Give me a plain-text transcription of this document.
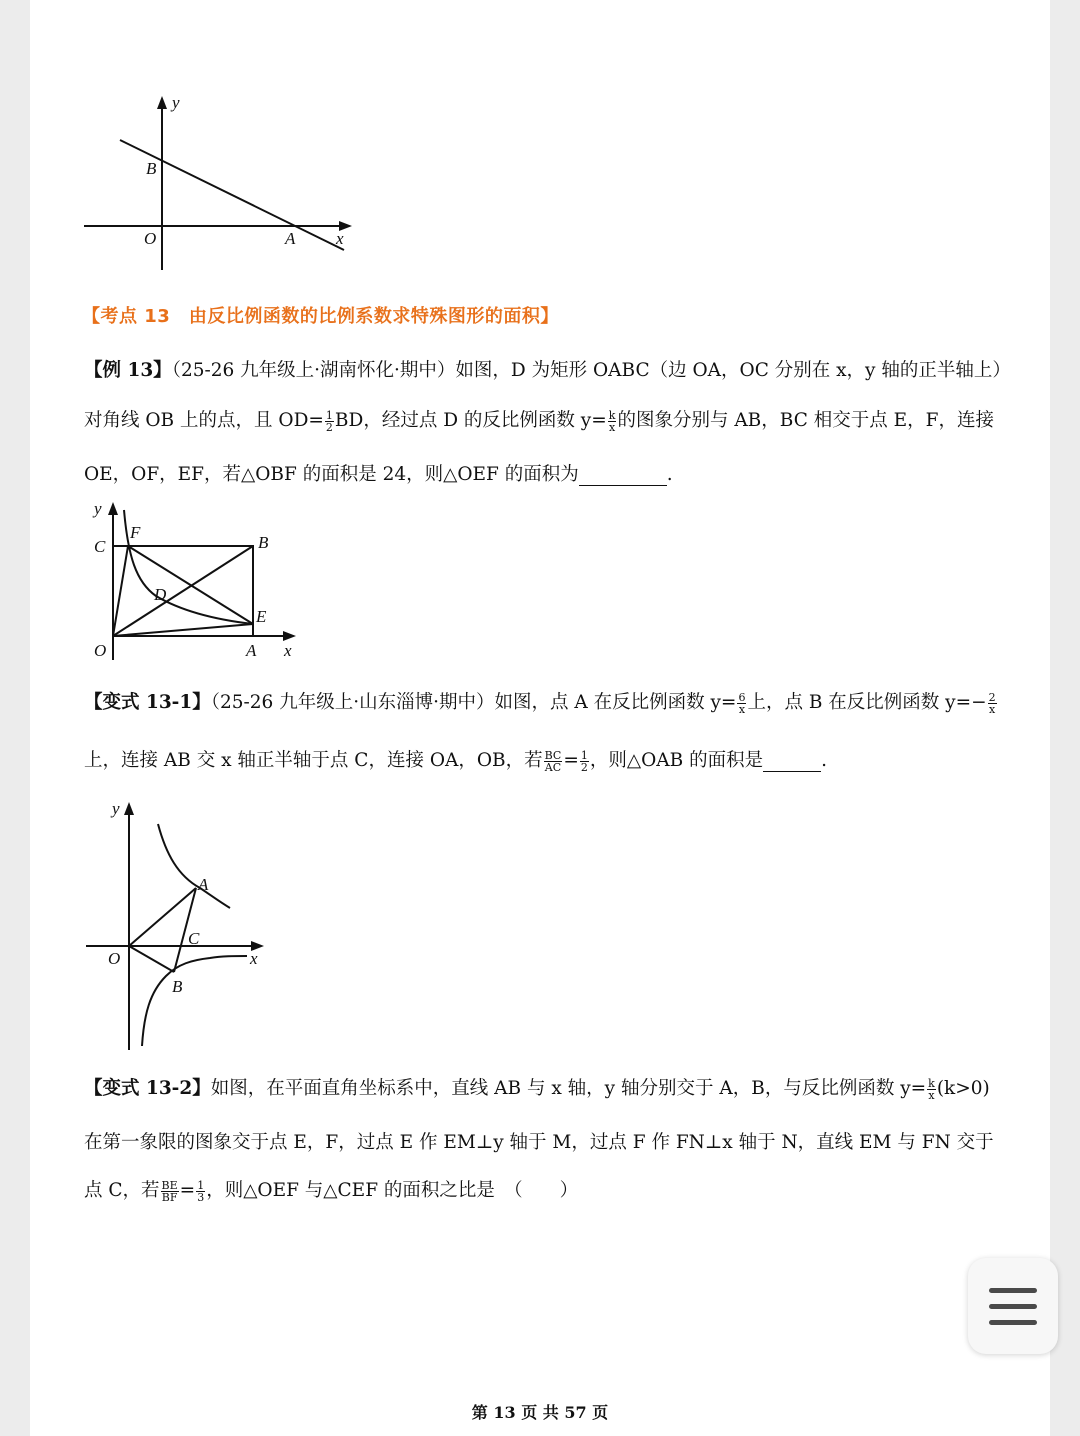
y
x
B
O	A
【考点 13　由反比例函数的比例系数求特殊图形的面积】
【例 13】（25-26 九年级上·湖南怀化·期中）如图，D 为矩形 OABC（边 OA，OC 分别在 x，y 轴的正半轴上）
对角线 OB 上的点，且 $OD= \frac{1}{2}$ BD，经过点 D 的反比例函数 $y= \frac{k}{x}$ 的图象分别与 AB，BC 相交于点 E，F，连接
OE，OF，EF，若△OBF 的面积是 24，则△OEF 的面积为	.
y
x
C
F
B
D
E
O	A
【变式 13-1】（25-26 九年级上·山东淄博·期中）如图，点 A 在反比例函数 $y= \frac{6}{x}$ 上，点 B 在反比例函数 $y=- \frac{2}{x}$
上，连接 AB 交 x 轴正半轴于点 C，连接 OA，OB，若 $\frac{BC}{AC} = \frac{1}{2}$ ，则△OAB 的面积是	.
y
x
A
C
O
B
【变式 13-2】如图，在平面直角坐标系中，直线 AB 与 x 轴，y 轴分别交于 A，B，与反比例函数 $y= \frac{k}{x} (k>0)$
在第一象限的图象交于点 E，F，过点 E 作 EM⊥y 轴于 M，过点 F 作 FN⊥x 轴于 N，直线 EM 与 FN 交于
点 C，若 $\frac{BE}{BF} = \frac{1}{3}$ ，则△OEF 与△CEF 的面积之比是　（　　）
第 13 页 共 57 页
